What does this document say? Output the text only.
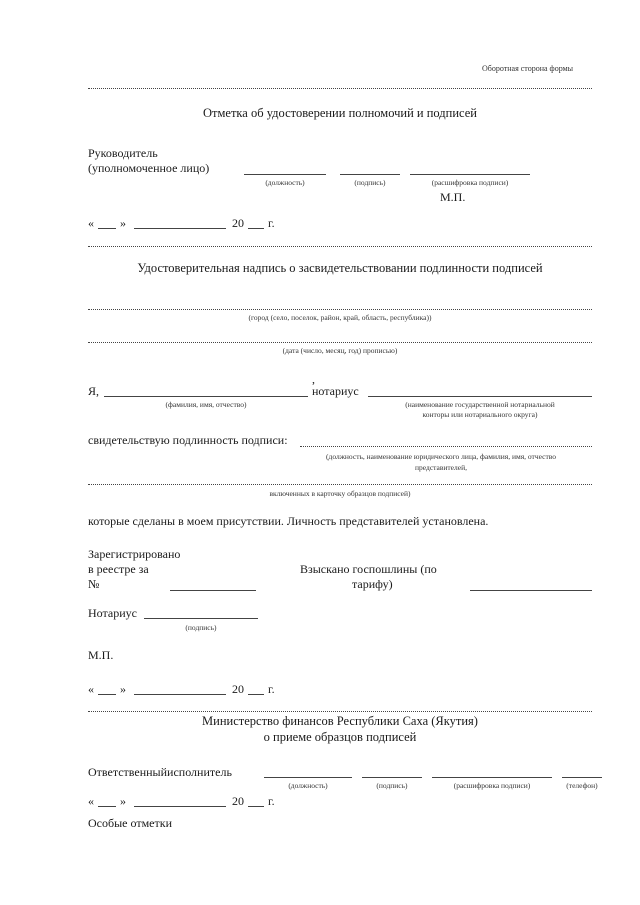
Оборотная сторона формы
Отметка об удостоверении полномочий и подписей
Руководитель
(уполномоченное лицо)
(должность)	(подпись)	(расшифровка подписи)
М.П.
« »	20 г.
Удостоверительная надпись о засвидетельствовании подлинности подписей
(город (село, поселок, район, край, область, республика))
(дата (число, месяц, год) прописью)
,
Я,	нотариус
(фамилия, имя, отчество)	(наименование государственной нотариальной
конторы или нотариального округа)
свидетельствую подлинность подписи:
(должность, наименование юридического лица, фамилия, имя, отчество
представителей,
включенных в карточку образцов подписей)
которые сделаны в моем присутствии. Личность представителей установлена.
Зарегистрировано
в реестре за
№
Взыскано госпошлины (по
тарифу)
Нотариус
(подпись)
М.П.
« »	20 г.
Министерство финансов Республики Саха (Якутия)
о приеме образцов подписей
Ответственныйисполнитель
(должность)	(подпись)	(расшифровка подписи)	(телефон)
« »	20 г.
Особые отметки
